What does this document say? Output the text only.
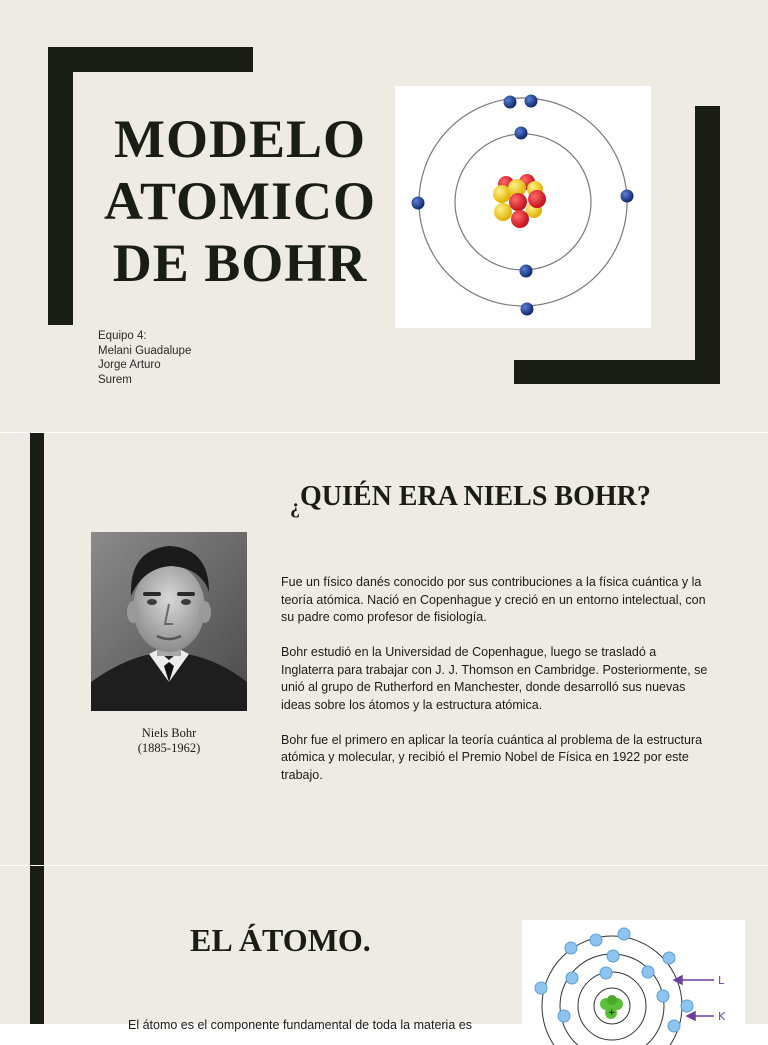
MODELO
ATOMICO
DE BOHR
Equipo 4:
Melani Guadalupe
Jorge Arturo
Surem
$_¿$QUIÉN ERA NIELS BOHR?
Niels Bohr
(1885-1962)

Fue un físico danés conocido por sus contribuciones a la física cuántica y la teoría atómica. Nació en Copenhague y creció en un entorno intelectual, con su padre como profesor de fisiología.

Bohr estudió en la Universidad de Copenhague, luego se trasladó a Inglaterra para trabajar con J. J. Thomson en Cambridge. Posteriormente, se unió al grupo de Rutherford en Manchester, donde desarrolló sus nuevas ideas sobre los átomos y la estructura atómica.

Bohr fue el primero en aplicar la teoría cuántica al problema de la estructura atómica y molecular, y recibió el Premio Nobel de Física en 1922 por este trabajo.

EL ÁTOMO.
+
L
K
El átomo es el componente fundamental de toda la materia es
